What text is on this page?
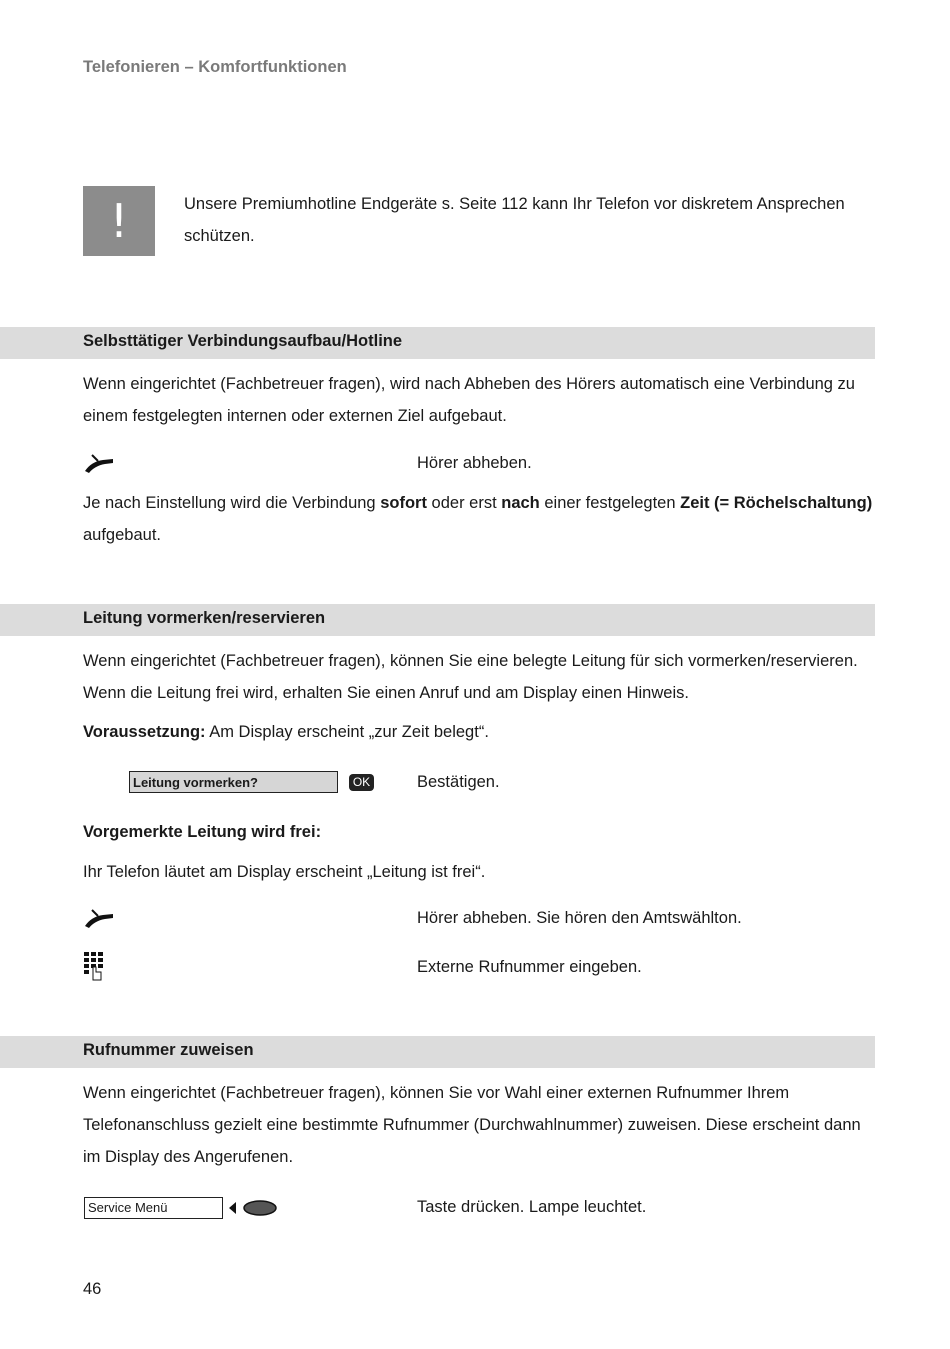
Telefonieren – Komfortfunktionen
!	Unsere Premiumhotline Endgeräte s. Seite 112 kann Ihr Telefon vor diskretem Ansprechen schützen.
Selbsttätiger Verbindungsaufbau/Hotline
Wenn eingerichtet (Fachbetreuer fragen), wird nach Abheben des Hörers automatisch eine Verbindung zu einem festgelegten internen oder externen Ziel aufgebaut.
Hörer abheben.
Je nach Einstellung wird die Verbindung sofort oder erst nach einer festgelegten Zeit (= Röchelschaltung) aufgebaut.
Leitung vormerken/reservieren
Wenn eingerichtet (Fachbetreuer fragen), können Sie eine belegte Leitung für sich vormerken/reservieren. Wenn die Leitung frei wird, erhalten Sie einen Anruf und am Display einen Hinweis.
Voraussetzung: Am Display erscheint „zur Zeit belegt“.
Leitung vormerken?	OK	Bestätigen.
Vorgemerkte Leitung wird frei:
Ihr Telefon läutet am Display erscheint „Leitung ist frei“.
Hörer abheben. Sie hören den Amtswählton.
Externe Rufnummer eingeben.
Rufnummer zuweisen
Wenn eingerichtet (Fachbetreuer fragen), können Sie vor Wahl einer externen Rufnummer Ihrem Telefonanschluss gezielt eine bestimmte Rufnummer (Durchwahlnummer) zuweisen. Diese erscheint dann im Display des Angerufenen.
Service Menü	Taste drücken. Lampe leuchtet.
46
